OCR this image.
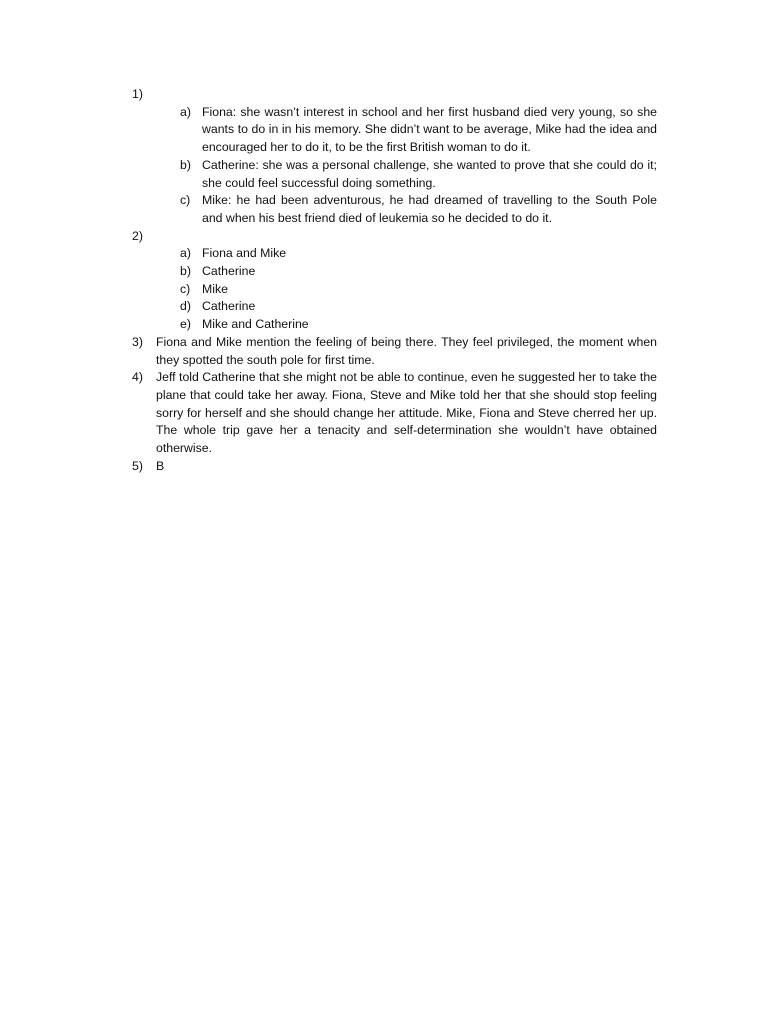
1)
a) Fiona: she wasn’t interest in school and her first husband died very young, so she wants to do in in his memory. She didn’t want to be average, Mike had the idea and encouraged her to do it, to be the first British woman to do it.
b) Catherine: she was a personal challenge, she wanted to prove that she could do it; she could feel successful doing something.
c) Mike: he had been adventurous, he had dreamed of travelling to the South Pole and when his best friend died of leukemia so he decided to do it.
2)
a) Fiona and Mike
b) Catherine
c) Mike
d) Catherine
e) Mike and Catherine
3)	Fiona and Mike mention the feeling of being there. They feel privileged, the moment when they spotted the south pole for first time.
4)	Jeff told Catherine that she might not be able to continue, even he suggested her to take the plane that could take her away. Fiona, Steve and Mike told her that she should stop feeling sorry for herself and she should change her attitude. Mike, Fiona and Steve cherred her up. The whole trip gave her a tenacity and self-determination she wouldn’t have obtained otherwise.
5)	B
